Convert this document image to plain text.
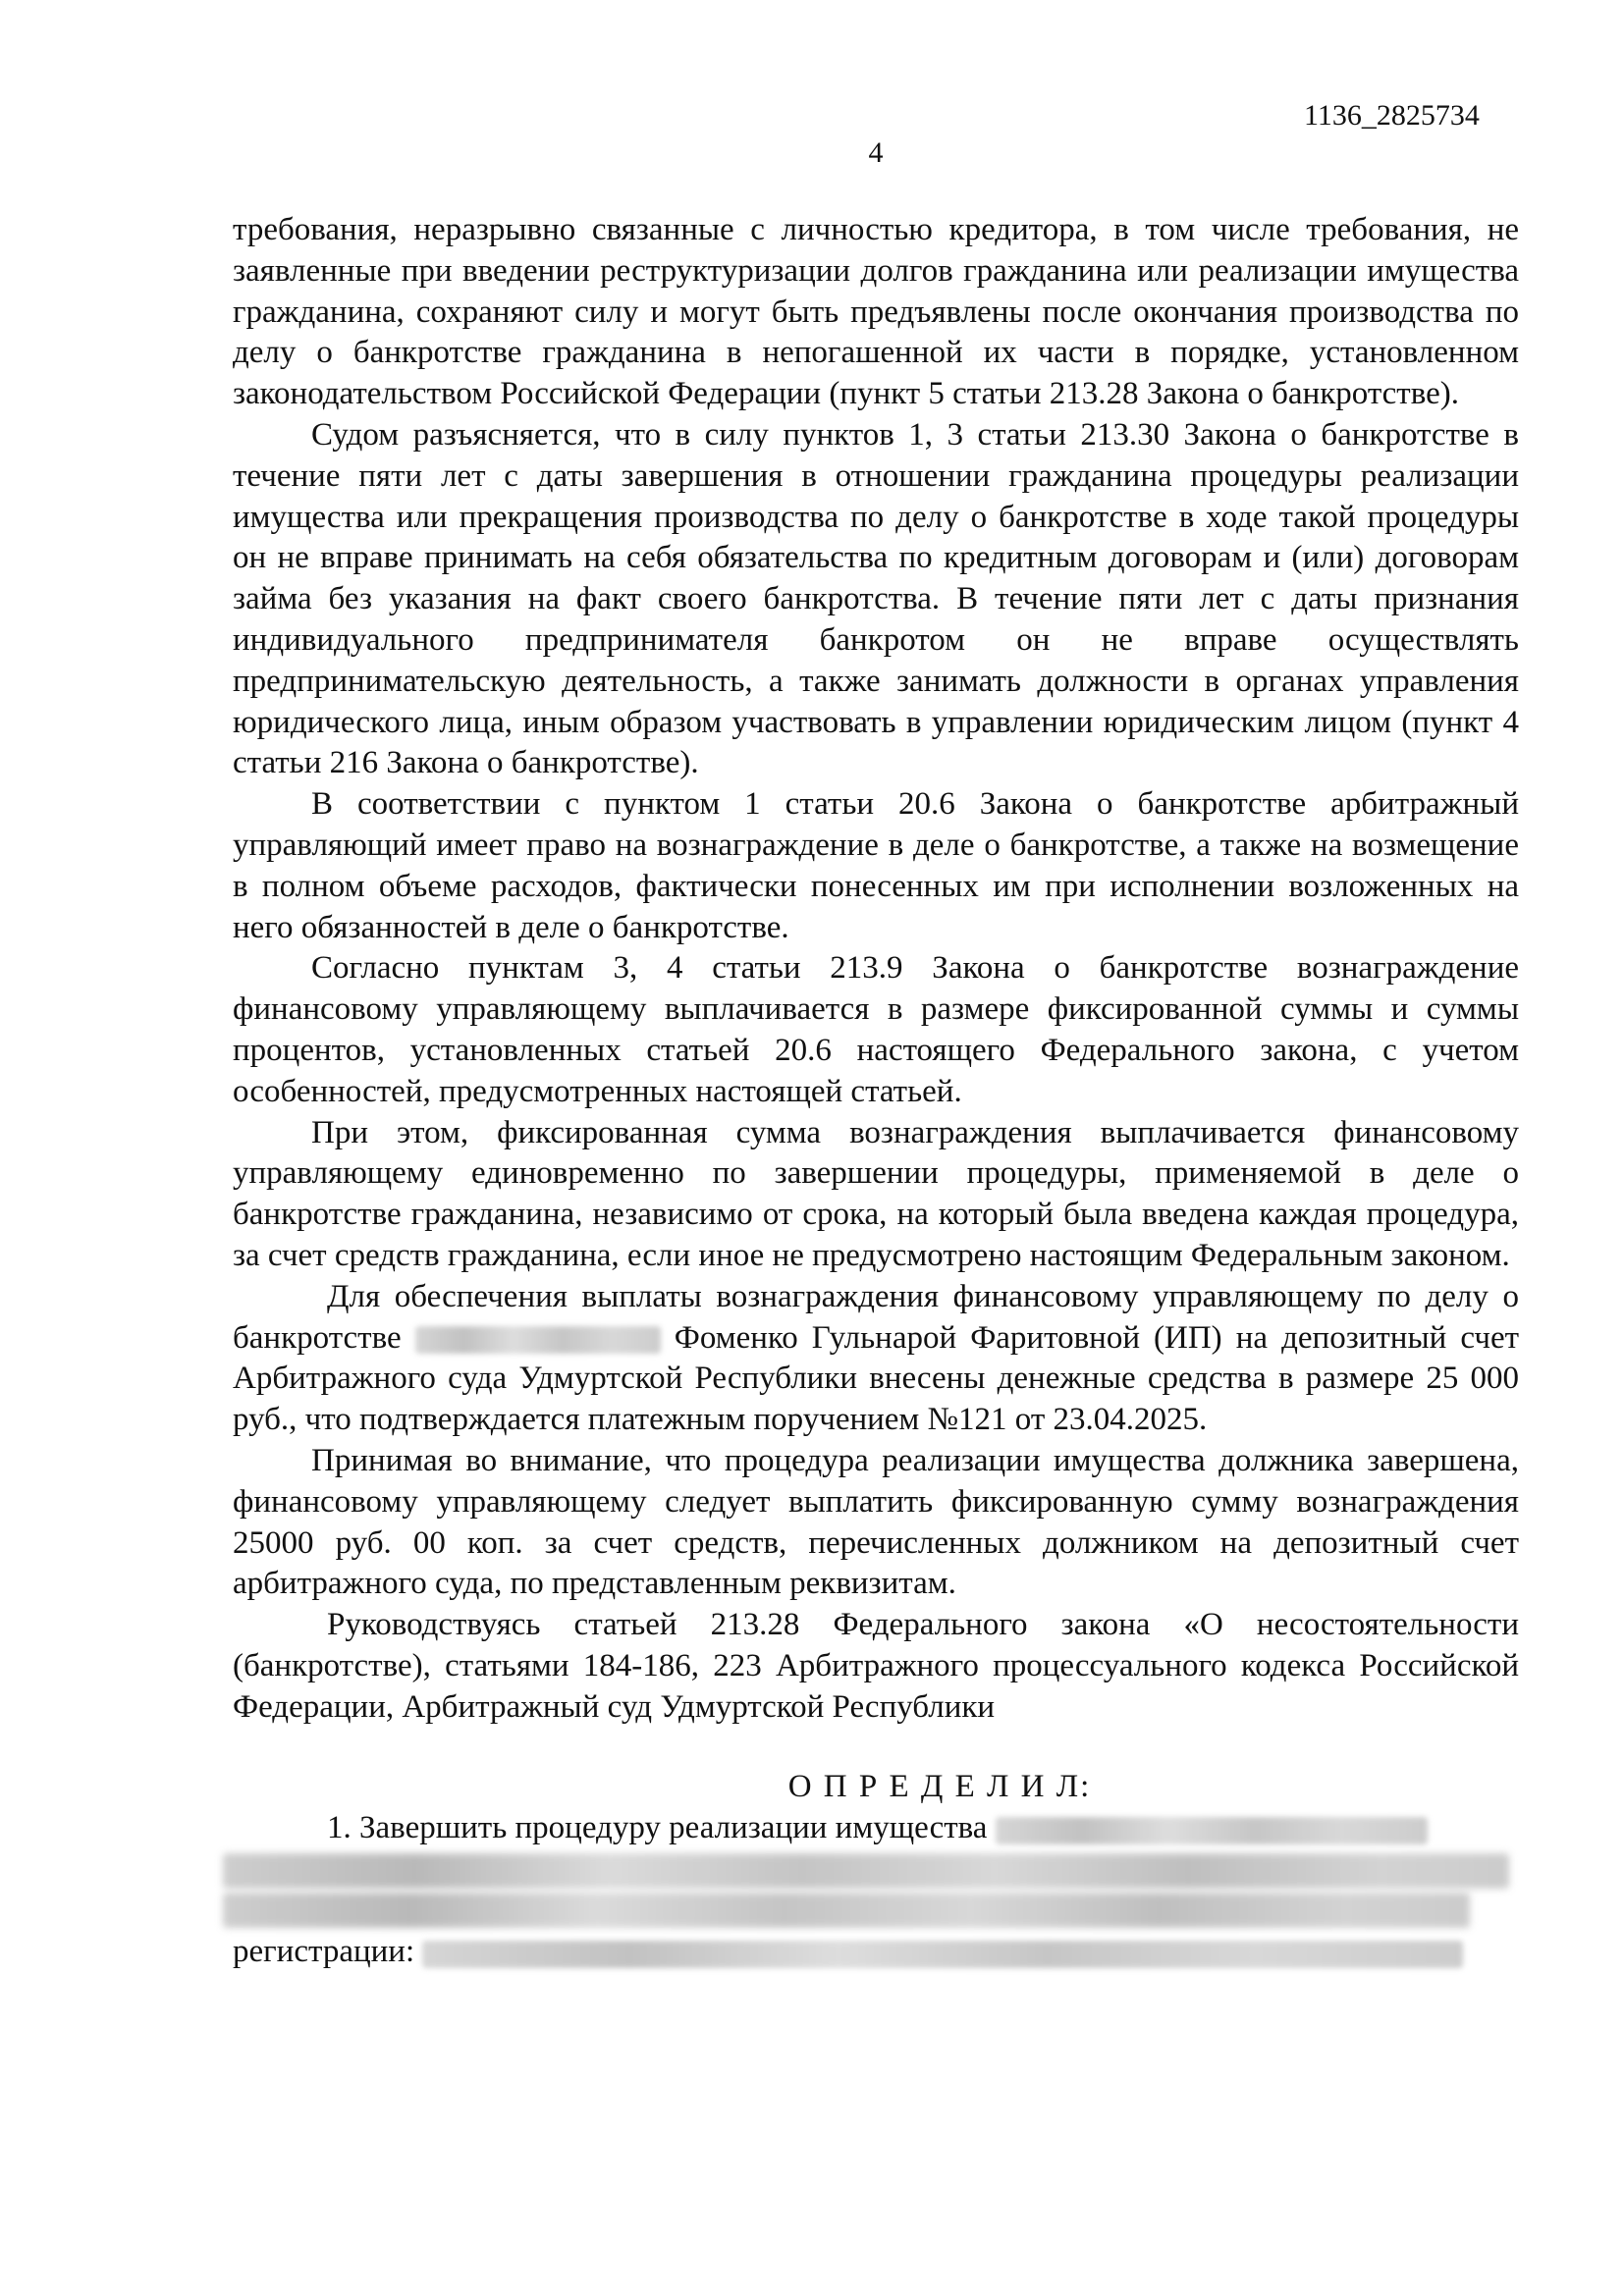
1136_2825734
4

требования, неразрывно связанные с личностью кредитора, в том числе требования, не заявленные при введении реструктуризации долгов гражданина или реализации имущества гражданина, сохраняют силу и могут быть предъявлены после окончания производства по делу о банкротстве гражданина в непогашенной их части в порядке, установленном законодательством Российской Федерации (пункт 5 статьи 213.28 Закона о банкротстве).

Судом разъясняется, что в силу пунктов 1, 3 статьи 213.30 Закона о банкротстве в течение пяти лет с даты завершения в отношении гражданина процедуры реализации имущества или прекращения производства по делу о банкротстве в ходе такой процедуры он не вправе принимать на себя обязательства по кредитным договорам и (или) договорам займа без указания на факт своего банкротства. В течение пяти лет с даты признания индивидуального предпринимателя банкротом он не вправе осуществлять предпринимательскую деятельность, а также занимать должности в органах управления юридического лица, иным образом участвовать в управлении юридическим лицом (пункт 4 статьи 216 Закона о банкротстве).

В соответствии с пунктом 1 статьи 20.6 Закона о банкротстве арбитражный управляющий имеет право на вознаграждение в деле о банкротстве, а также на возмещение в полном объеме расходов, фактически понесенных им при исполнении возложенных на него обязанностей в деле о банкротстве.

Согласно пунктам 3, 4 статьи 213.9 Закона о банкротстве вознаграждение финансовому управляющему выплачивается в размере фиксированной суммы и суммы процентов, установленных статьей 20.6 настоящего Федерального закона, с учетом особенностей, предусмотренных настоящей статьей.

При этом, фиксированная сумма вознаграждения выплачивается финансовому управляющему единовременно по завершении процедуры, применяемой в деле о банкротстве гражданина, независимо от срока, на который была введена каждая процедура, за счет средств гражданина, если иное не предусмотрено настоящим Федеральным законом.

Для обеспечения выплаты вознаграждения финансовому управляющему по делу о банкротстве	Фоменко Гульнарой Фаритовной (ИП) на депозитный счет Арбитражного суда Удмуртской Республики внесены денежные средства в размере 25 000 руб., что подтверждается платежным поручением №121 от 23.04.2025.

Принимая во внимание, что процедура реализации имущества должника завершена, финансовому управляющему следует выплатить фиксированную сумму вознаграждения 25000 руб. 00 коп. за счет средств, перечисленных должником на депозитный счет арбитражного суда, по представленным реквизитам.

Руководствуясь статьей 213.28 Федерального закона «О несостоятельности (банкротстве), статьями 184-186, 223 Арбитражного процессуального кодекса Российской Федерации, Арбитражный суд Удмуртской Республики

О П Р Е Д Е Л И Л:
1. Завершить процедуру реализации имущества
регистрации:
